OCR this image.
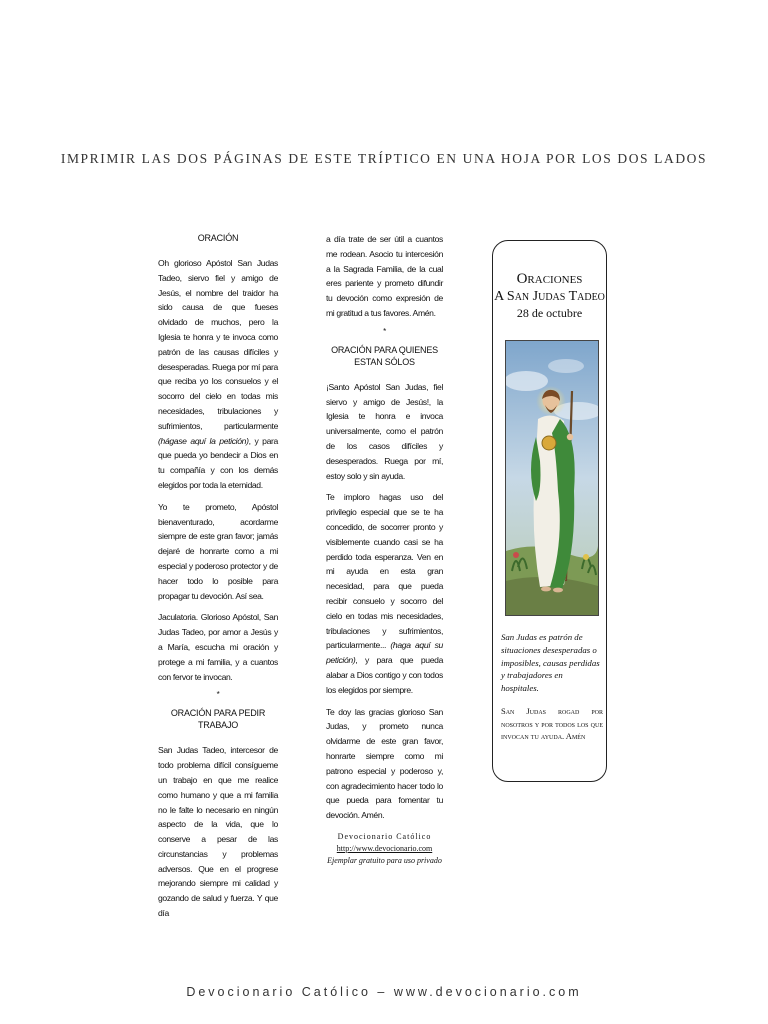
IMPRIMIR LAS DOS PÁGINAS DE ESTE TRÍPTICO EN UNA HOJA POR LOS DOS LADOS
ORACIÓN

Oh glorioso Apóstol San Judas Tadeo, siervo fiel y amigo de Jesús, el nombre del traidor ha sido causa de que fueses olvidado de muchos, pero la Iglesia te honra y te invoca como patrón de las causas difíciles y desesperadas. Ruega por mí para que reciba yo los consuelos y el socorro del cielo en todas mis necesidades, tribulaciones y sufrimientos, particularmente (hágase aquí la petición), y para que pueda yo bendecir a Dios en tu compañía y con los demás elegidos por toda la eternidad.

Yo te prometo, Apóstol bienaventurado, acordarme siempre de este gran favor; jamás dejaré de honrarte como a mi especial y poderoso protector y de hacer todo lo posible para propagar tu devoción. Así sea.

Jaculatoria. Glorioso Apóstol, San Judas Tadeo, por amor a Jesús y a María, escucha mi oración y protege a mi familia, y a cuantos con fervor te invocan.

*
ORACIÓN PARA PEDIR TRABAJO

San Judas Tadeo, intercesor de todo problema difícil consígueme un trabajo en que me realice como humano y que a mi familia no le falte lo necesario en ningún aspecto de la vida, que lo conserve a pesar de las circunstancias y problemas adversos. Que en el progrese mejorando siempre mi calidad y gozando de salud y fuerza. Y que día

a día trate de ser útil a cuantos me rodean. Asocio tu intercesión a la Sagrada Familia, de la cual eres pariente y prometo difundir tu devoción como expresión de mi gratitud a tus favores. Amén.

*
ORACIÓN PARA QUIENES ESTAN SÓLOS

¡Santo Apóstol San Judas, fiel siervo y amigo de Jesús!, la Iglesia te honra e invoca universalmente, como el patrón de los casos difíciles y desesperados. Ruega por mí, estoy solo y sin ayuda.

Te imploro hagas uso del privilegio especial que se te ha concedido, de socorrer pronto y visiblemente cuando casi se ha perdido toda esperanza. Ven en mi ayuda en esta gran necesidad, para que pueda recibir consuelo y socorro del cielo en todas mis necesidades, tribulaciones y sufrimientos, particularmente... (haga aquí su petición), y para que pueda alabar a Dios contigo y con todos los elegidos por siempre.

Te doy las gracias glorioso San Judas, y prometo nunca olvidarme de este gran favor, honrarte siempre como mi patrono especial y poderoso y, con agradecimiento hacer todo lo que pueda para fomentar tu devoción. Amén.

Devocionario Católico
http://www.devocionario.com
Ejemplar gratuito para uso privado
Oraciones
A San Judas Tadeo
28 de octubre
San Judas es patrón de situaciones desesperadas o imposibles, causas perdidas y trabajadores en hospitales.
San Judas rogad por nosotros y por todos los que invocan tu ayuda. Amén
Devocionario Católico – www.devocionario.com
